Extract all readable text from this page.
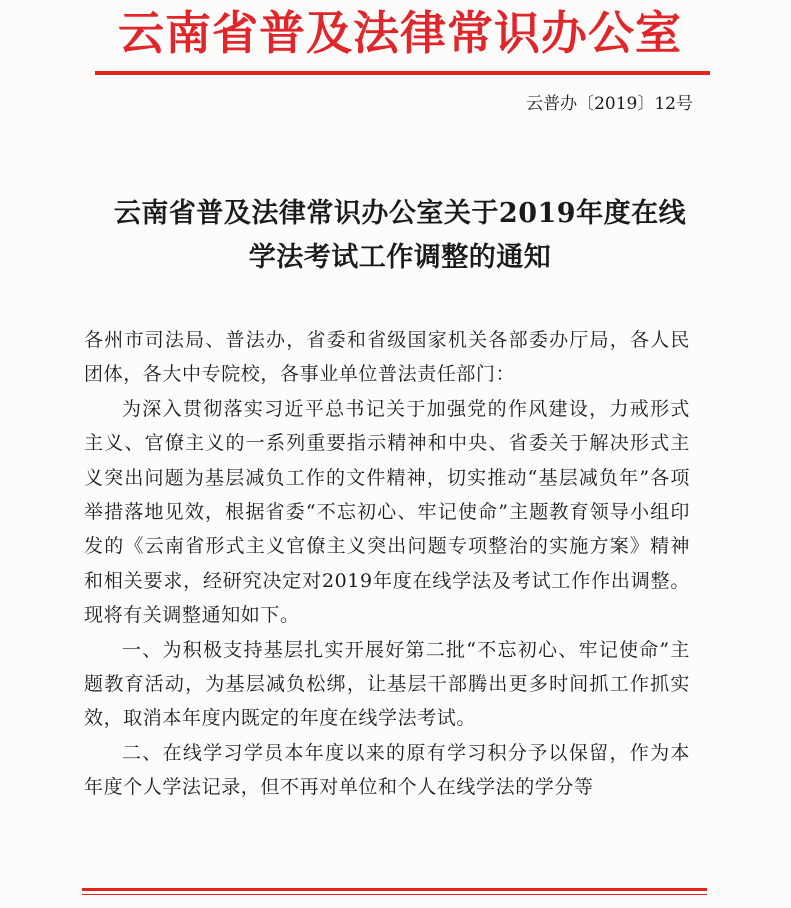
云南省普及法律常识办公室
云普办〔2019〕12号
云南省普及法律常识办公室关于2019年度在线
学法考试工作调整的通知

各州市司法局、普法办，省委和省级国家机关各部委办厅局，各人民团体，各大中专院校，各事业单位普法责任部门：

为深入贯彻落实习近平总书记关于加强党的作风建设，力戒形式主义、官僚主义的一系列重要指示精神和中央、省委关于解决形式主义突出问题为基层减负工作的文件精神，切实推动“基层减负年”各项举措落地见效，根据省委“不忘初心、牢记使命”主题教育领导小组印发的《云南省形式主义官僚主义突出问题专项整治的实施方案》精神和相关要求，经研究决定对2019年度在线学法及考试工作作出调整。现将有关调整通知如下。

一、为积极支持基层扎实开展好第二批“不忘初心、牢记使命”主题教育活动，为基层减负松绑，让基层干部腾出更多时间抓工作抓实效，取消本年度内既定的年度在线学法考试。

二、在线学习学员本年度以来的原有学习积分予以保留，作为本年度个人学法记录，但不再对单位和个人在线学法的学分等
